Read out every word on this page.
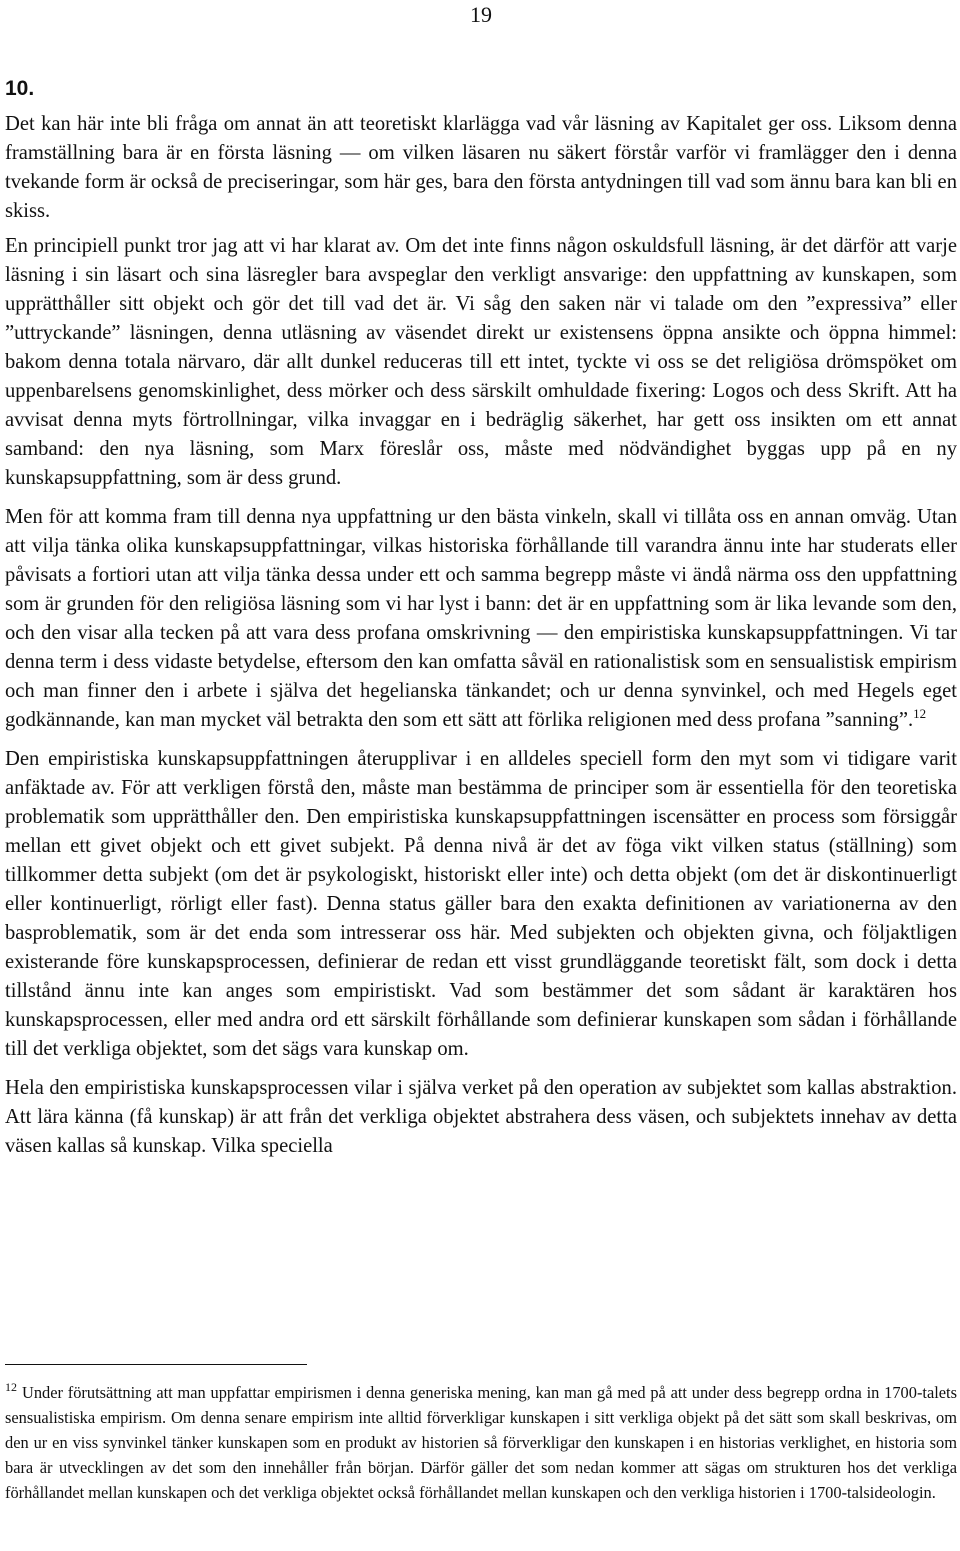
19
10.

Det kan här inte bli fråga om annat än att teoretiskt klarlägga vad vår läsning av Kapitalet ger oss. Liksom denna framställning bara är en första läsning — om vilken läsaren nu säkert förstår varför vi framlägger den i denna tvekande form är också de preciseringar, som här ges, bara den första antydningen till vad som ännu bara kan bli en skiss.

En principiell punkt tror jag att vi har klarat av. Om det inte finns någon oskuldsfull läsning, är det därför att varje läsning i sin läsart och sina läsregler bara avspeglar den verkligt ansvarige: den uppfattning av kunskapen, som upprätthåller sitt objekt och gör det till vad det är. Vi såg den saken när vi talade om den ”expressiva” eller ”uttryckande” läsningen, denna utläsning av väsendet direkt ur existensens öppna ansikte och öppna himmel: bakom denna totala närvaro, där allt dunkel reduceras till ett intet, tyckte vi oss se det religiösa drömspöket om uppenbarelsens genomskinlighet, dess mörker och dess särskilt omhuldade fixering: Logos och dess Skrift. Att ha avvisat denna myts förtrollningar, vilka invaggar en i bedräglig säkerhet, har gett oss insikten om ett annat samband: den nya läsning, som Marx föreslår oss, måste med nödvändighet byggas upp på en ny kunskapsuppfattning, som är dess grund.

Men för att komma fram till denna nya uppfattning ur den bästa vinkeln, skall vi tillåta oss en annan omväg. Utan att vilja tänka olika kunskapsuppfattningar, vilkas historiska förhållande till varandra ännu inte har studerats eller påvisats a fortiori utan att vilja tänka dessa under ett och samma begrepp måste vi ändå närma oss den uppfattning som är grunden för den religiösa läsning som vi har lyst i bann: det är en uppfattning som är lika levande som den, och den visar alla tecken på att vara dess profana omskrivning — den empiristiska kunskapsuppfattningen. Vi tar denna term i dess vidaste betydelse, eftersom den kan omfatta såväl en rationalistisk som en sensualistisk empirism och man finner den i arbete i själva det hegelianska tänkandet; och ur denna synvinkel, och med Hegels eget godkännande, kan man mycket väl betrakta den som ett sätt att förlika religionen med dess profana ”sanning”.$^{12}$

Den empiristiska kunskapsuppfattningen återupplivar i en alldeles speciell form den myt som vi tidigare varit anfäktade av. För att verkligen förstå den, måste man bestämma de principer som är essentiella för den teoretiska problematik som upprätthåller den. Den empiristiska kunskapsuppfattningen iscensätter en process som försiggår mellan ett givet objekt och ett givet subjekt. På denna nivå är det av föga vikt vilken status (ställning) som tillkommer detta subjekt (om det är psykologiskt, historiskt eller inte) och detta objekt (om det är diskontinuerligt eller kontinuerligt, rörligt eller fast). Denna status gäller bara den exakta definitionen av variationerna av den basproblematik, som är det enda som intresserar oss här. Med subjekten och objekten givna, och följaktligen existerande före kunskapsprocessen, definierar de redan ett visst grundläggande teoretiskt fält, som dock i detta tillstånd ännu inte kan anges som empiristiskt. Vad som bestämmer det som sådant är karaktären hos kunskapsprocessen, eller med andra ord ett särskilt förhållande som definierar kunskapen som sådan i förhållande till det verkliga objektet, som det sägs vara kunskap om.

Hela den empiristiska kunskapsprocessen vilar i själva verket på den operation av subjektet som kallas abstraktion. Att lära känna (få kunskap) är att från det verkliga objektet abstrahera dess väsen, och subjektets innehav av detta väsen kallas så kunskap. Vilka speciella

$^{12}$ Under förutsättning att man uppfattar empirismen i denna generiska mening, kan man gå med på att under dess begrepp ordna in 1700-talets sensualistiska empirism. Om denna senare empirism inte alltid förverkligar kunskapen i sitt verkliga objekt på det sätt som skall beskrivas, om den ur en viss synvinkel tänker kunskapen som en produkt av historien så förverkligar den kunskapen i en historias verklighet, en historia som bara är utvecklingen av det som den innehåller från början. Därför gäller det som nedan kommer att sägas om strukturen hos det verkliga förhållandet mellan kunskapen och det verkliga objektet också förhållandet mellan kunskapen och den verkliga historien i 1700-talsideologin.
